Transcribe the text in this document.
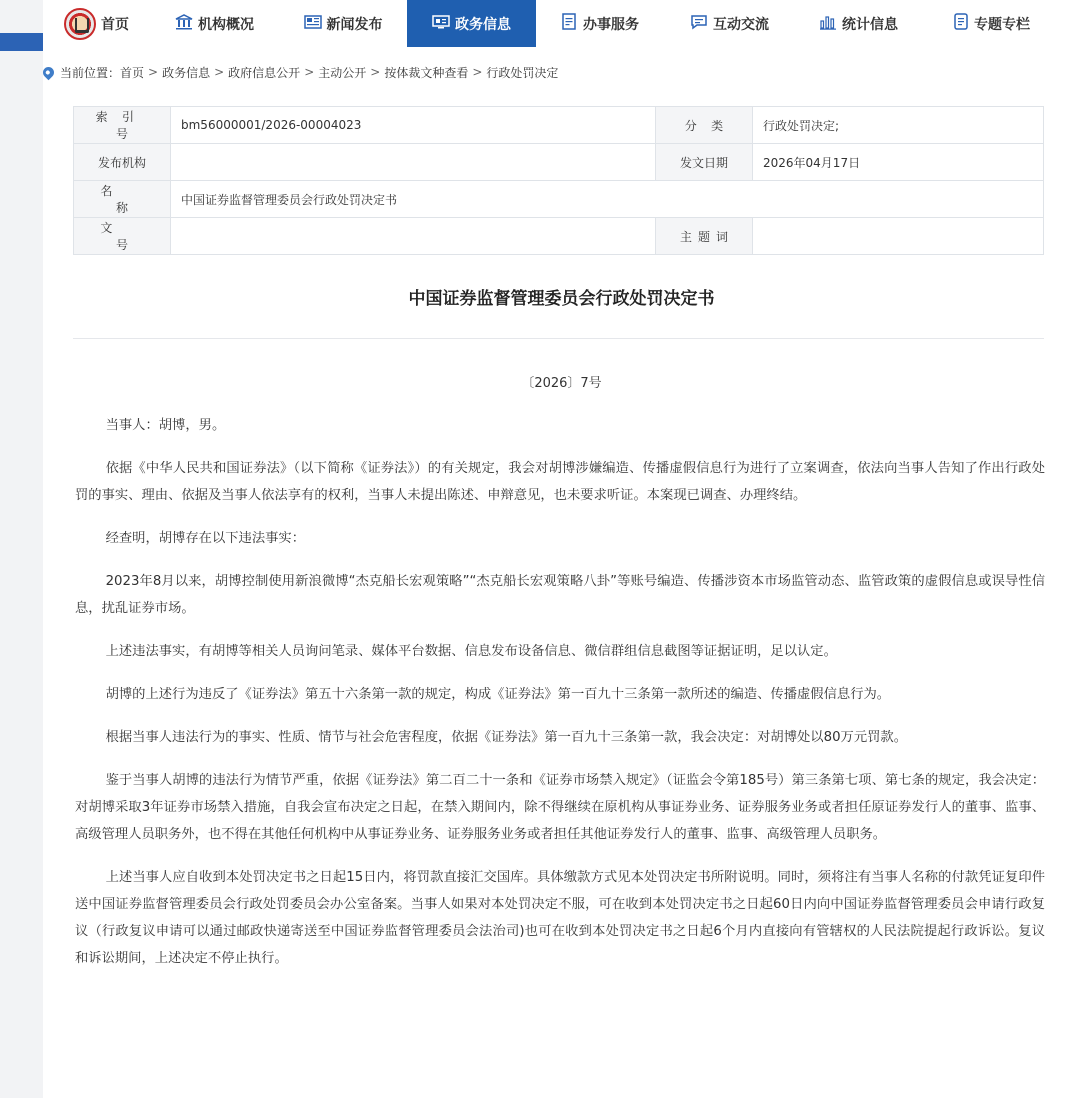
首页	机构概况	新闻发布	政务信息	办事服务	互动交流	统计信息	专题专栏
当前位置： 首页 > 政务信息 > 政府信息公开 > 主动公开 > 按体裁文种查看 > 行政处罚决定
索引号	bm56000001/2026-00004023	分类	行政处罚决定;
发布机构		发文日期	2026年04月17日
名称	中国证券监督管理委员会行政处罚决定书		
文号		主题词	
中国证券监督管理委员会行政处罚决定书
〔2026〕7号

当事人：胡博，男。

依据《中华人民共和国证券法》（以下简称《证券法》）的有关规定，我会对胡博涉嫌编造、传播虚假信息行为进行了立案调查，依法向当事人告知了作出行政处罚的事实、理由、依据及当事人依法享有的权利，当事人未提出陈述、申辩意见，也未要求听证。本案现已调查、办理终结。

经查明，胡博存在以下违法事实：

2023年8月以来，胡博控制使用新浪微博“杰克船长宏观策略”“杰克船长宏观策略八卦”等账号编造、传播涉资本市场监管动态、监管政策的虚假信息或误导性信息，扰乱证券市场。

上述违法事实，有胡博等相关人员询问笔录、媒体平台数据、信息发布设备信息、微信群组信息截图等证据证明，足以认定。

胡博的上述行为违反了《证券法》第五十六条第一款的规定，构成《证券法》第一百九十三条第一款所述的编造、传播虚假信息行为。

根据当事人违法行为的事实、性质、情节与社会危害程度，依据《证券法》第一百九十三条第一款，我会决定：对胡博处以80万元罚款。

鉴于当事人胡博的违法行为情节严重，依据《证券法》第二百二十一条和《证券市场禁入规定》（证监会令第185号）第三条第七项、第七条的规定，我会决定：对胡博采取3年证券市场禁入措施，自我会宣布决定之日起，在禁入期间内，除不得继续在原机构从事证券业务、证券服务业务或者担任原证券发行人的董事、监事、高级管理人员职务外，也不得在其他任何机构中从事证券业务、证券服务业务或者担任其他证券发行人的董事、监事、高级管理人员职务。

上述当事人应自收到本处罚决定书之日起15日内，将罚款直接汇交国库。具体缴款方式见本处罚决定书所附说明。同时，须将注有当事人名称的付款凭证复印件送中国证券监督管理委员会行政处罚委员会办公室备案。当事人如果对本处罚决定不服，可在收到本处罚决定书之日起60日内向中国证券监督管理委员会申请行政复议（行政复议申请可以通过邮政快递寄送至中国证券监督管理委员会法治司)也可在收到本处罚决定书之日起6个月内直接向有管辖权的人民法院提起行政诉讼。复议和诉讼期间，上述决定不停止执行。
